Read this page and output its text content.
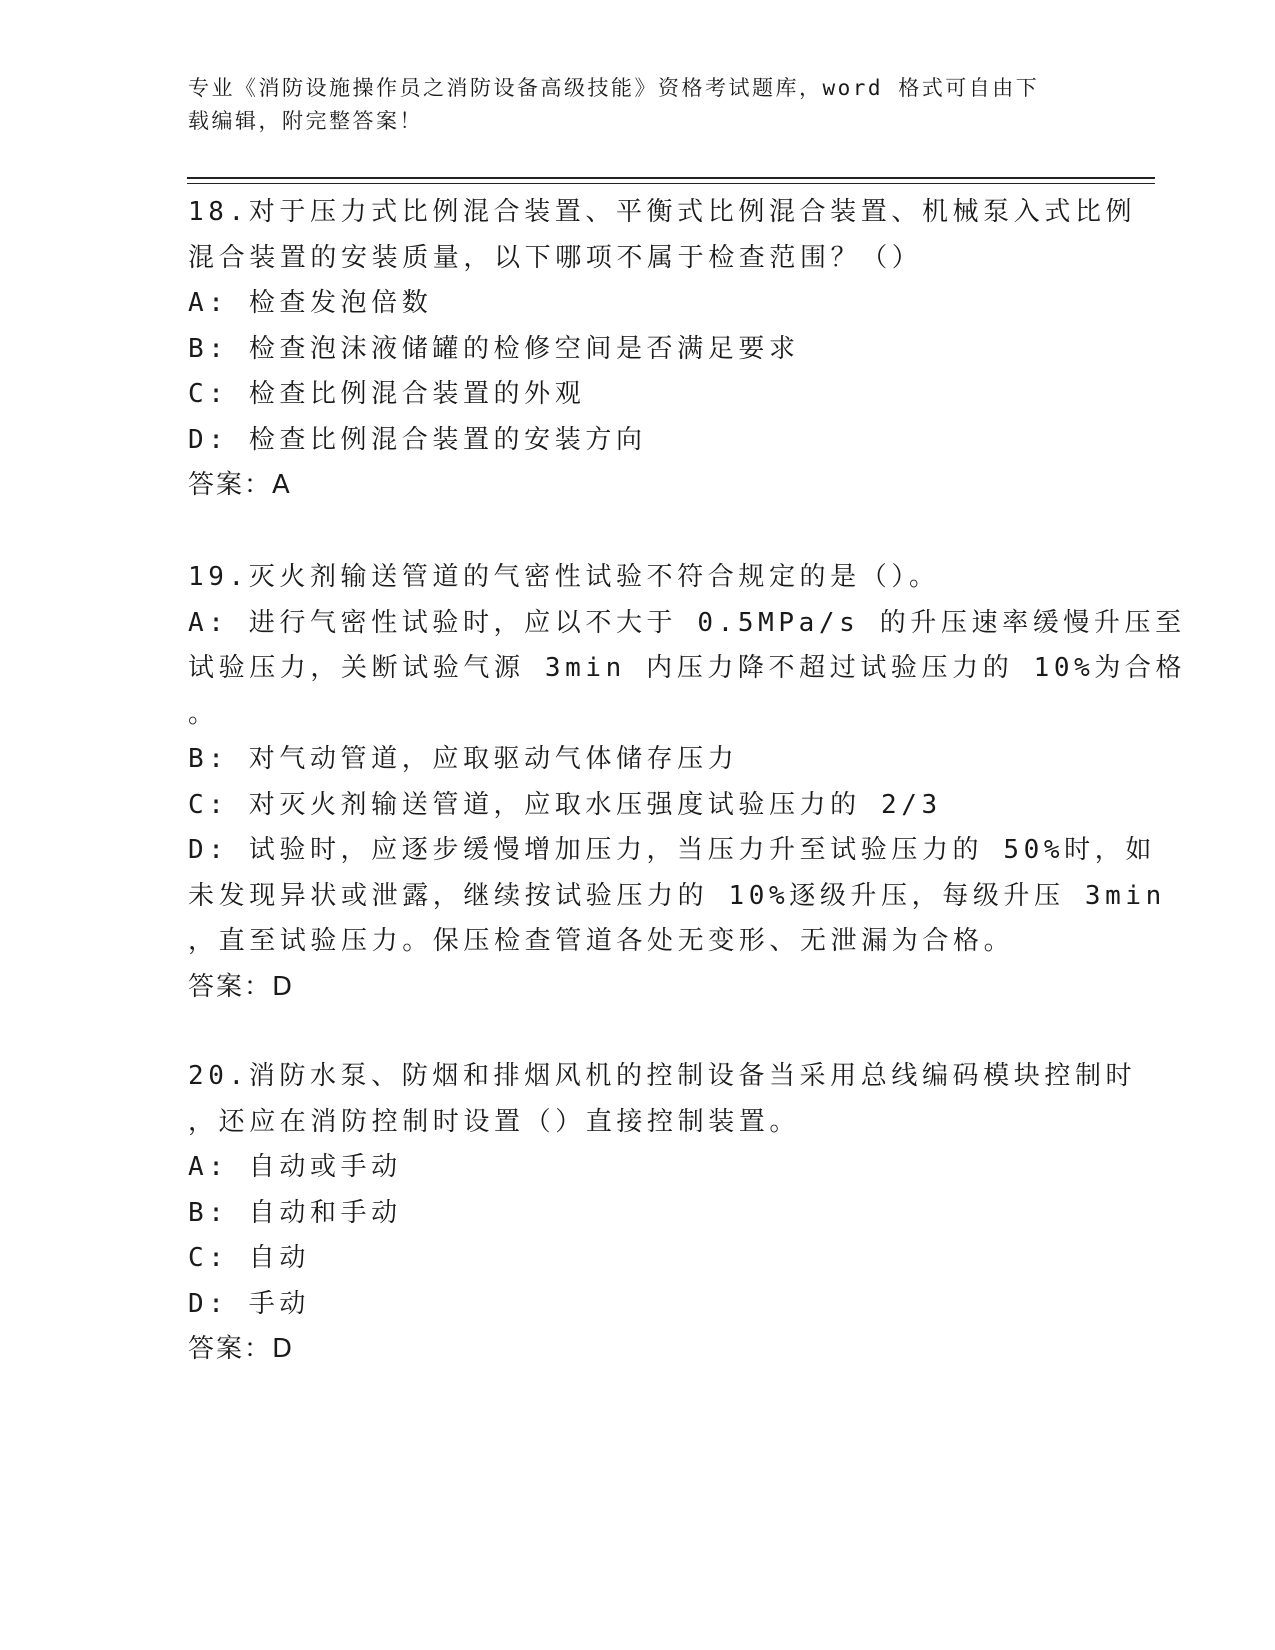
专业《消防设施操作员之消防设备高级技能》资格考试题库，word 格式可自由下
载编辑，附完整答案！
18.对于压力式比例混合装置、平衡式比例混合装置、机械泵入式比例
混合装置的安装质量，以下哪项不属于检查范围？（）
A: 检查发泡倍数
B: 检查泡沫液储罐的检修空间是否满足要求
C: 检查比例混合装置的外观
D: 检查比例混合装置的安装方向
答案：A
19.灭火剂输送管道的气密性试验不符合规定的是（）。
A: 进行气密性试验时，应以不大于 0.5MPa/s 的升压速率缓慢升压至
试验压力，关断试验气源 3min 内压力降不超过试验压力的 10%为合格
。
B: 对气动管道，应取驱动气体储存压力
C: 对灭火剂输送管道，应取水压强度试验压力的 2/3
D: 试验时，应逐步缓慢增加压力，当压力升至试验压力的 50%时，如
未发现异状或泄露，继续按试验压力的 10%逐级升压，每级升压 3min
，直至试验压力。保压检查管道各处无变形、无泄漏为合格。
答案：D
20.消防水泵、防烟和排烟风机的控制设备当采用总线编码模块控制时
，还应在消防控制时设置（）直接控制装置。
A: 自动或手动
B: 自动和手动
C: 自动
D: 手动
答案：D
